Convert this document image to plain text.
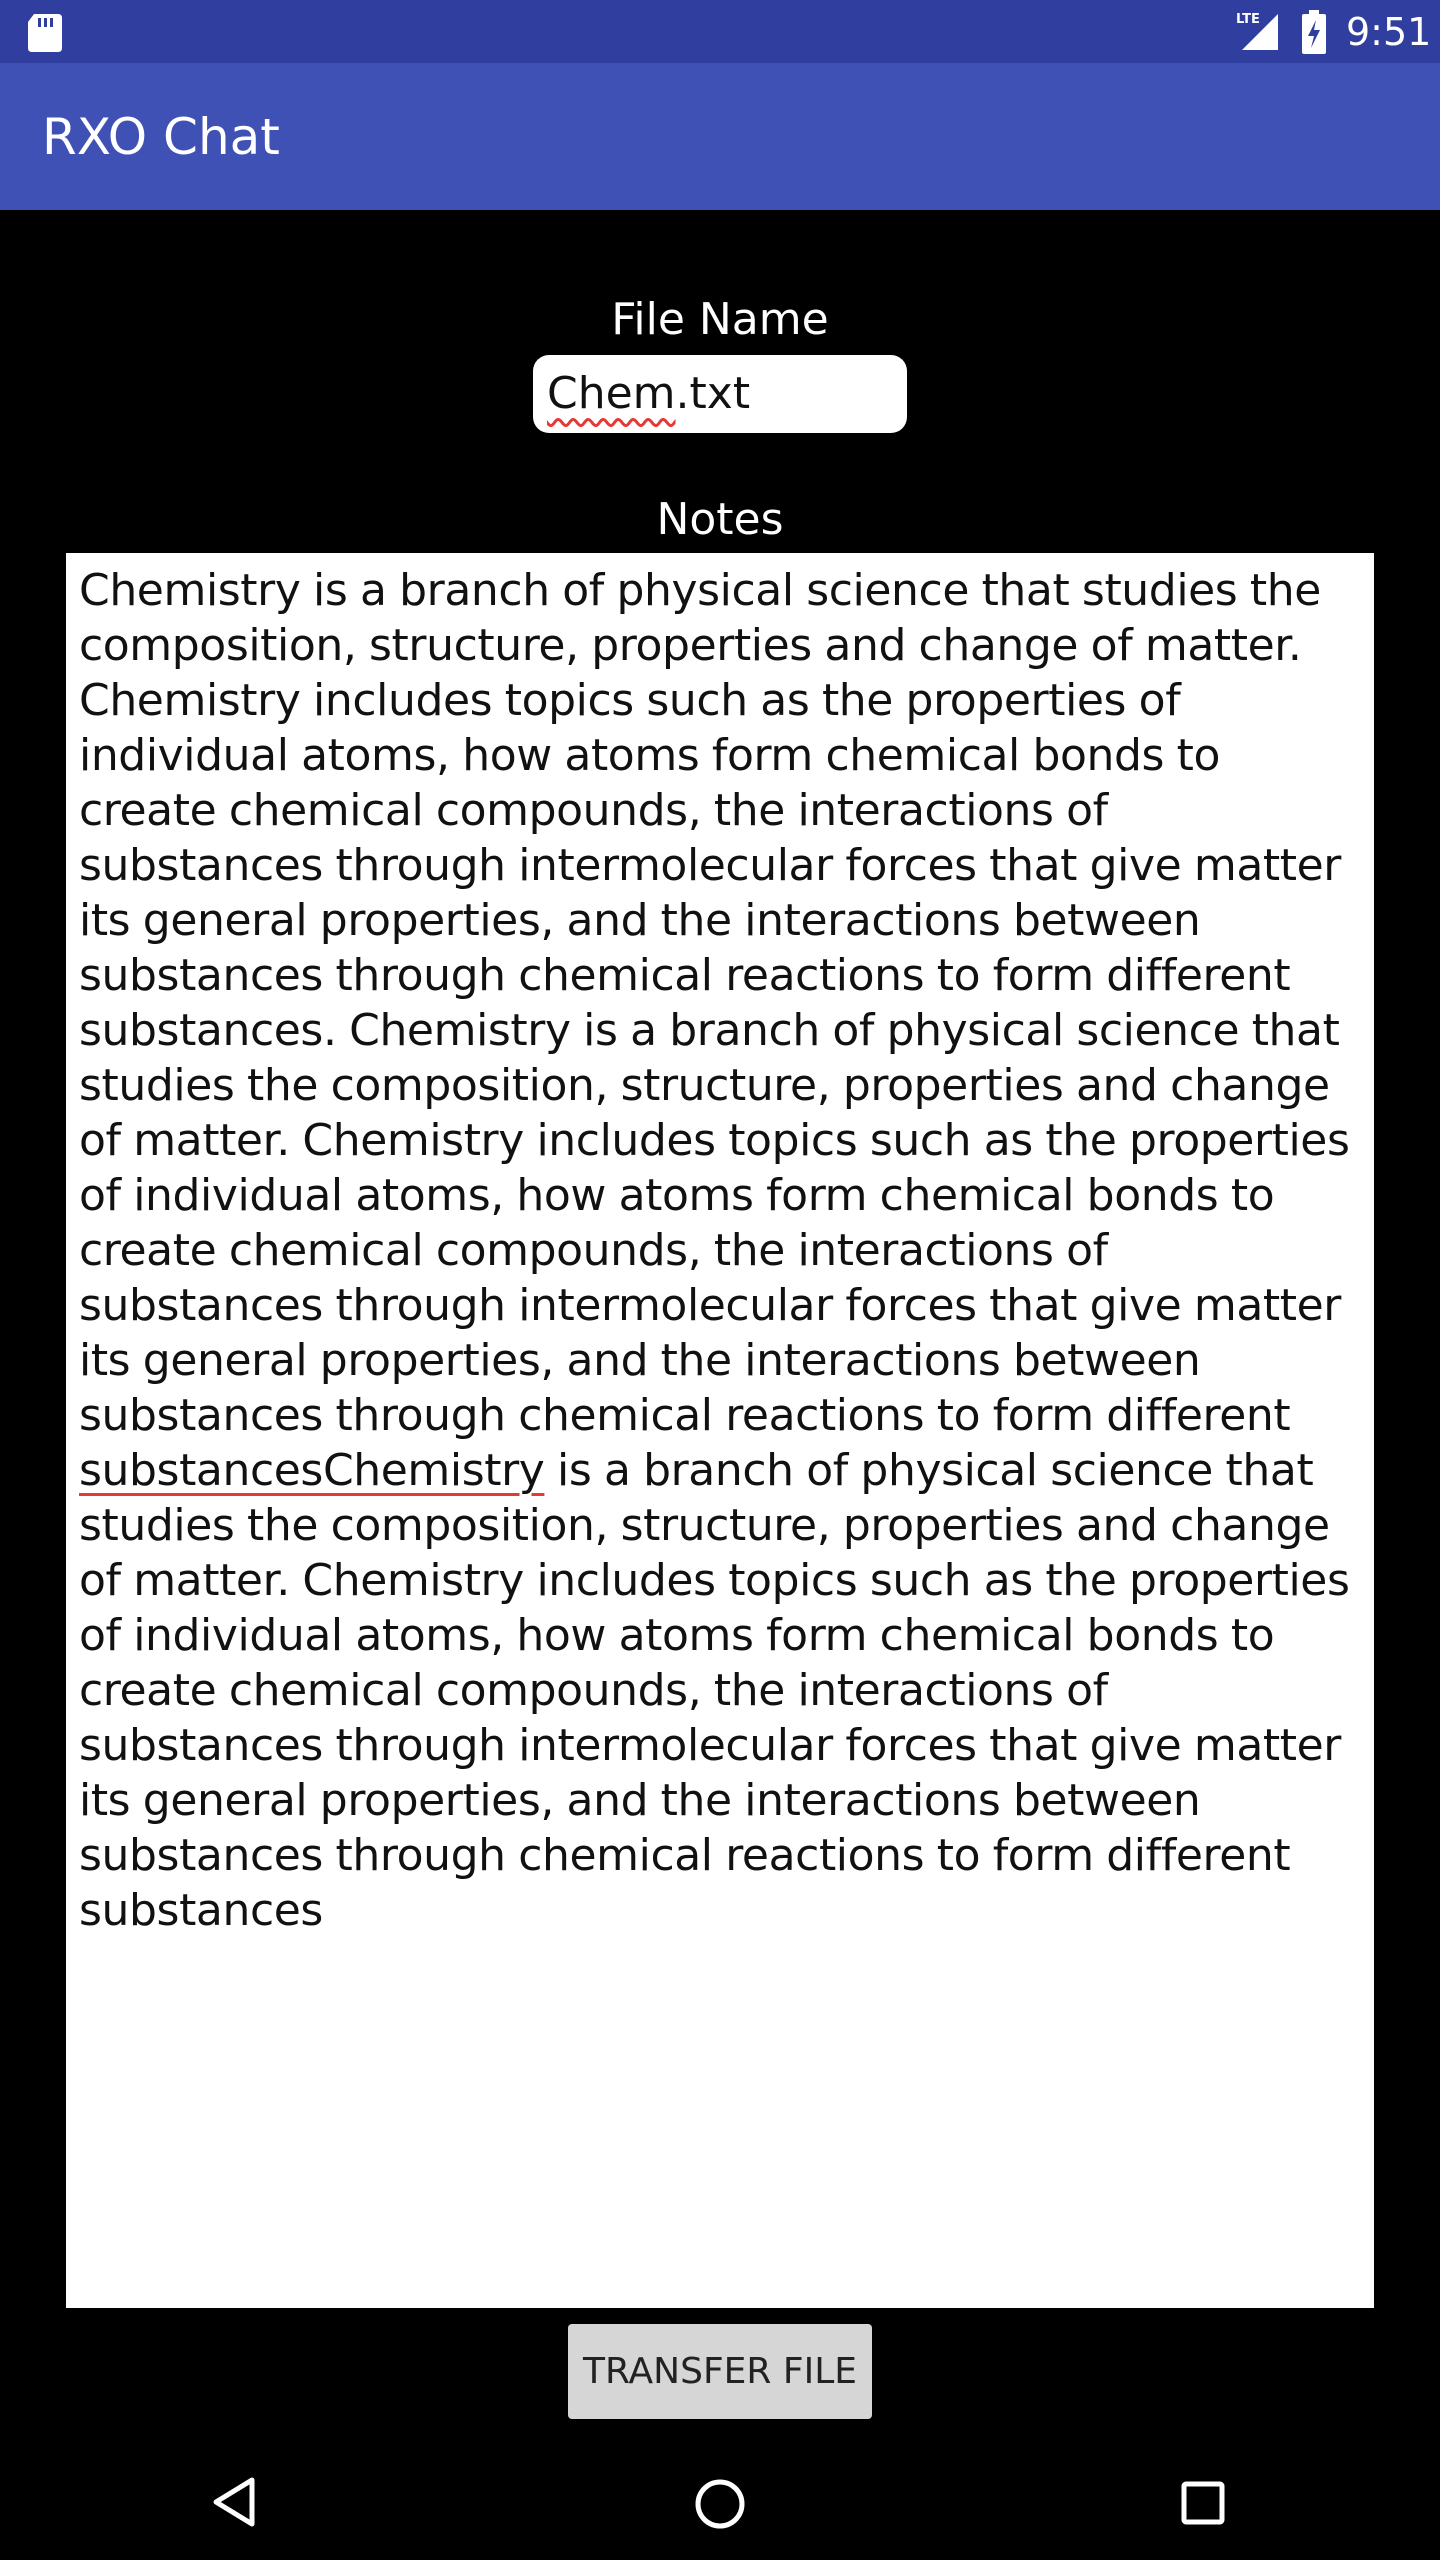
LTE 9:51
RXO Chat
File Name
Chem.txt
Notes

Chemistry is a branch of physical science that studies the composition, structure, properties and change of matter. Chemistry includes topics such as the properties of individual atoms, how atoms form chemical bonds to create chemical compounds, the interactions of substances through intermolecular forces that give matter its general properties, and the interactions between substances through chemical reactions to form different substances. Chemistry is a branch of physical science that studies the composition, structure, properties and change of matter. Chemistry includes topics such as the properties of individual atoms, how atoms form chemical bonds to create chemical compounds, the interactions of substances through intermolecular forces that give matter its general properties, and the interactions between substances through chemical reactions to form different substancesChemistry is a branch of physical science that studies the composition, structure, properties and change of matter. Chemistry includes topics such as the properties of individual atoms, how atoms form chemical bonds to create chemical compounds, the interactions of substances through intermolecular forces that give matter its general properties, and the interactions between substances through chemical reactions to form different substances

TRANSFER FILE
